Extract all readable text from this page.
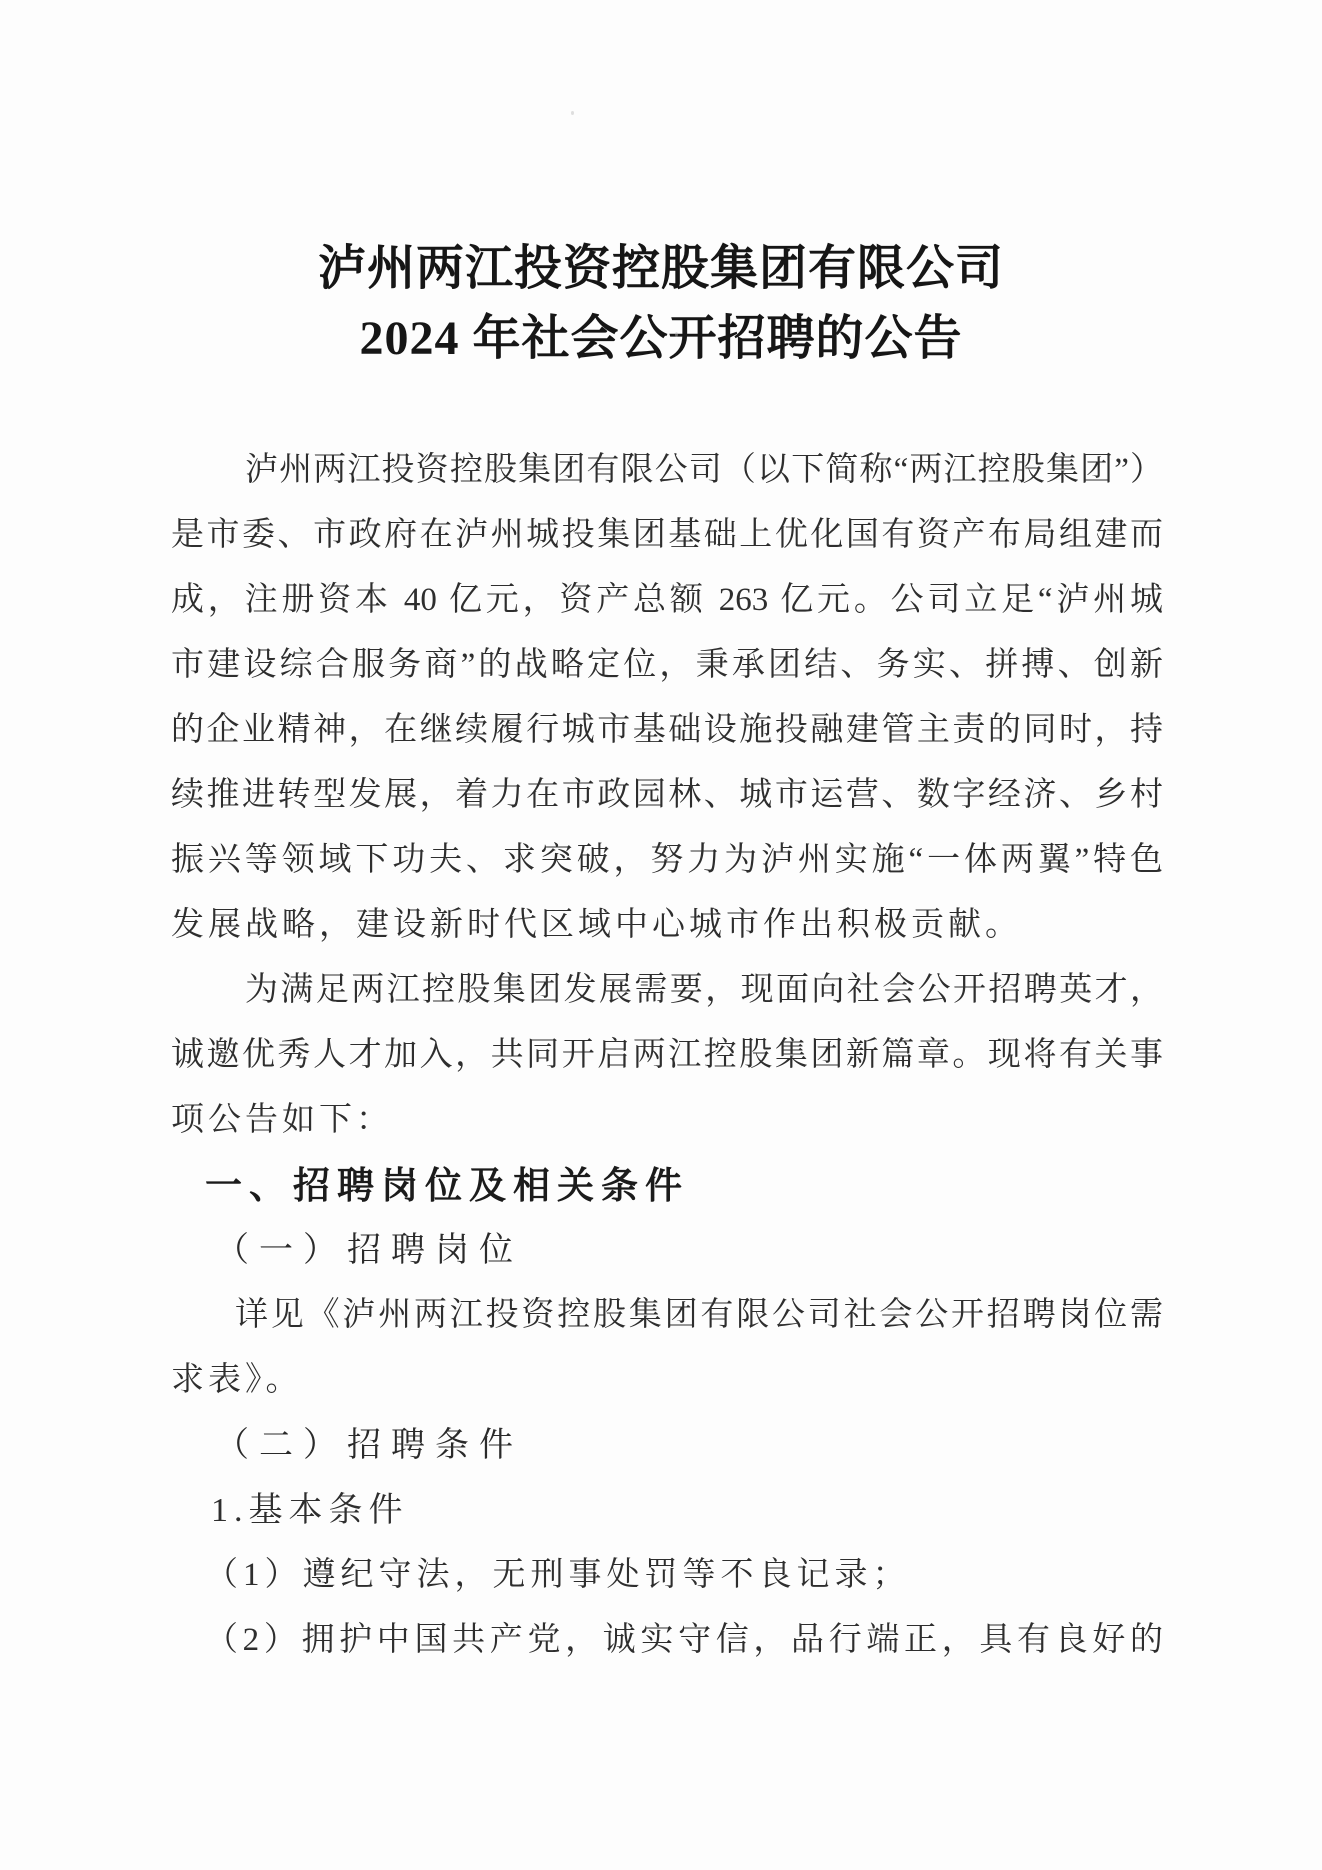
泸州两江投资控股集团有限公司
2024 年社会公开招聘的公告
泸州两江投资控股集团有限公司（以下简称“两江控股集团”）
是市委、市政府在泸州城投集团基础上优化国有资产布局组建而
成，注册资本 40 亿元，资产总额 263 亿元。公司立足“泸州城
市建设综合服务商”的战略定位，秉承团结、务实、拼搏、创新
的企业精神，在继续履行城市基础设施投融建管主责的同时，持
续推进转型发展，着力在市政园林、城市运营、数字经济、乡村
振兴等领域下功夫、求突破，努力为泸州实施“一体两翼”特色
发展战略，建设新时代区域中心城市作出积极贡献。
为满足两江控股集团发展需要，现面向社会公开招聘英才，
诚邀优秀人才加入，共同开启两江控股集团新篇章。现将有关事
项公告如下：
一、招聘岗位及相关条件
（一）招聘岗位
详见《泸州两江投资控股集团有限公司社会公开招聘岗位需
求表》。
（二）招聘条件
1.基本条件
（1）遵纪守法，无刑事处罚等不良记录；
（2）拥护中国共产党，诚实守信，品行端正，具有良好的
